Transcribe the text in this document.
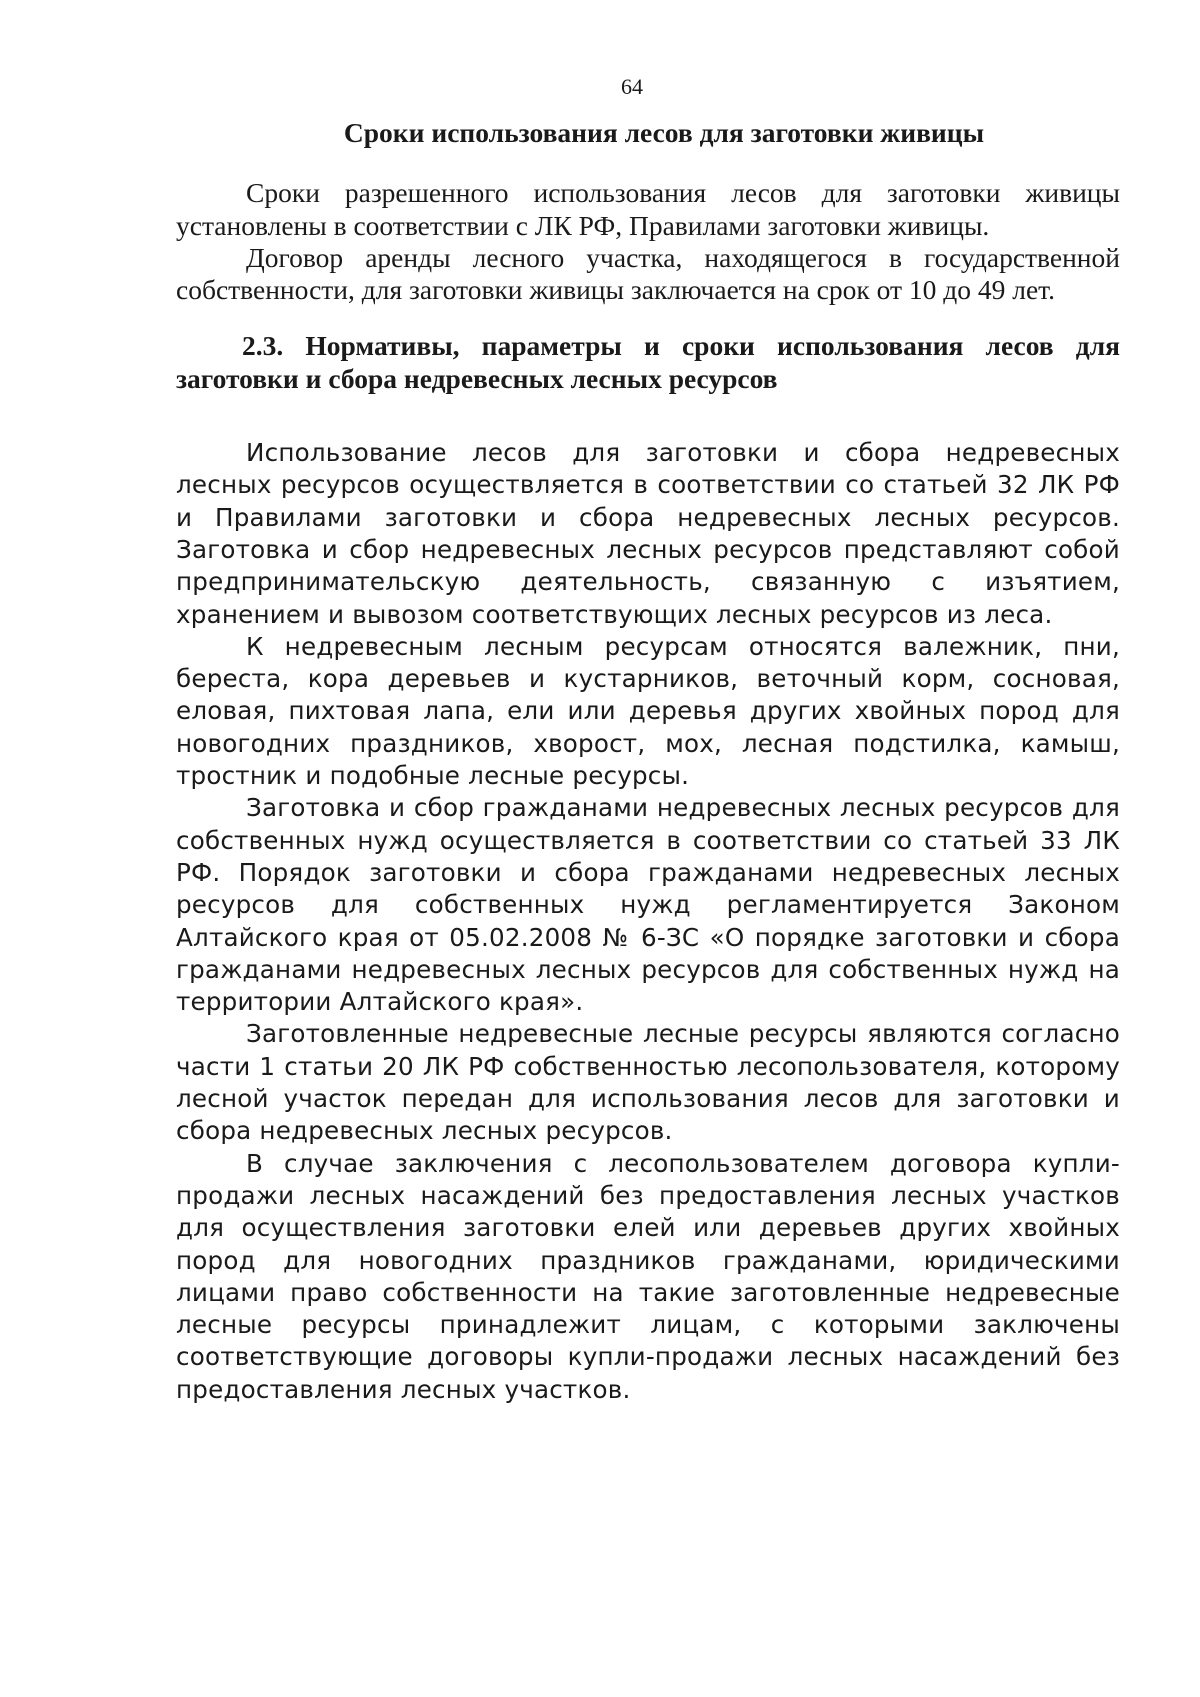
64
Сроки использования лесов для заготовки живицы

Сроки разрешенного использования лесов для заготовки живицы установлены в соответствии с ЛК РФ, Правилами заготовки живицы.

Договор аренды лесного участка, находящегося в государственной собственности, для заготовки живицы заключается на срок от 10 до 49 лет.

2.3. Нормативы, параметры и сроки использования лесов для заготовки и сбора недревесных лесных ресурсов

Использование лесов для заготовки и сбора недревесных лесных ресурсов осуществляется в соответствии со статьей 32 ЛК РФ и Правилами заготовки и сбора недревесных лесных ресурсов. Заготовка и сбор недревесных лесных ресурсов представляют собой предпринимательскую деятельность, связанную с изъятием, хранением и вывозом соответствующих лесных ресурсов из леса.

К недревесным лесным ресурсам относятся валежник, пни, береста, кора деревьев и кустарников, веточный корм, сосновая, еловая, пихтовая лапа, ели или деревья других хвойных пород для новогодних праздников, хворост, мох, лесная подстилка, камыш, тростник и подобные лесные ресурсы.

Заготовка и сбор гражданами недревесных лесных ресурсов для собственных нужд осуществляется в соответствии со статьей 33 ЛК РФ. Порядок заготовки и сбора гражданами недревесных лесных ресурсов для собственных нужд регламентируется Законом Алтайского края от 05.02.2008 № 6-ЗС «О порядке заготовки и сбора гражданами недревесных лесных ресурсов для собственных нужд на территории Алтайского края».

Заготовленные недревесные лесные ресурсы являются согласно части 1 статьи 20 ЛК РФ собственностью лесопользователя, которому лесной участок передан для использования лесов для заготовки и сбора недревесных лесных ресурсов.

В случае заключения с лесопользователем договора купли-продажи лесных насаждений без предоставления лесных участков для осуществления заготовки елей или деревьев других хвойных пород для новогодних праздников гражданами, юридическими лицами право собственности на такие заготовленные недревесные лесные ресурсы принадлежит лицам, с которыми заключены соответствующие договоры купли-продажи лесных насаждений без предоставления лесных участков.
